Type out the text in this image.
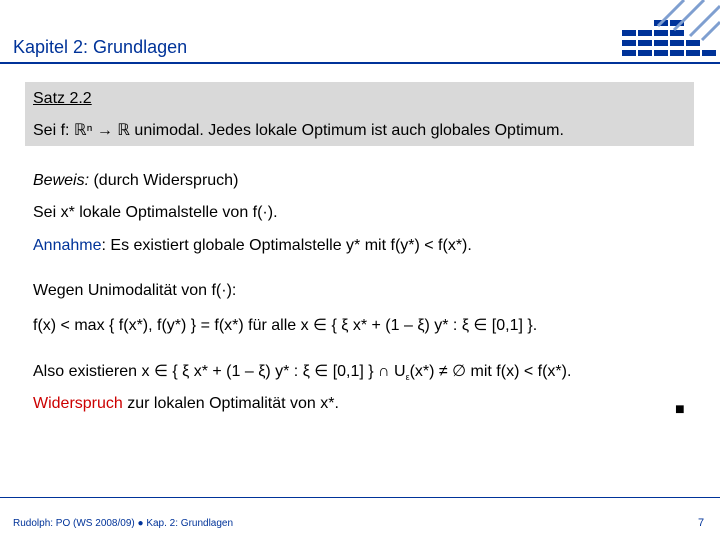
Kapitel 2: Grundlagen
Satz 2.2
Sei f: ℝⁿ → ℝ unimodal. Jedes lokale Optimum ist auch globales Optimum.
Beweis: (durch Widerspruch)
Sei x* lokale Optimalstelle von f(·).
Annahme: Es existiert globale Optimalstelle y* mit f(y*) < f(x*).
Wegen Unimodalität von f(·):
f(x) < max { f(x*), f(y*) } = f(x*) für alle x ∈ { ξ x* + (1 – ξ) y* : ξ ∈ [0,1] }.
Also existieren x ∈ { ξ x* + (1 – ξ) y* : ξ ∈ [0,1] } ∩ $U_\varepsilon(x*)$ ≠ ∅ mit f(x) < f(x*).
Widerspruch zur lokalen Optimalität von x*.	■
Rudolph: PO (WS 2008/09) ● Kap. 2: Grundlagen	7
